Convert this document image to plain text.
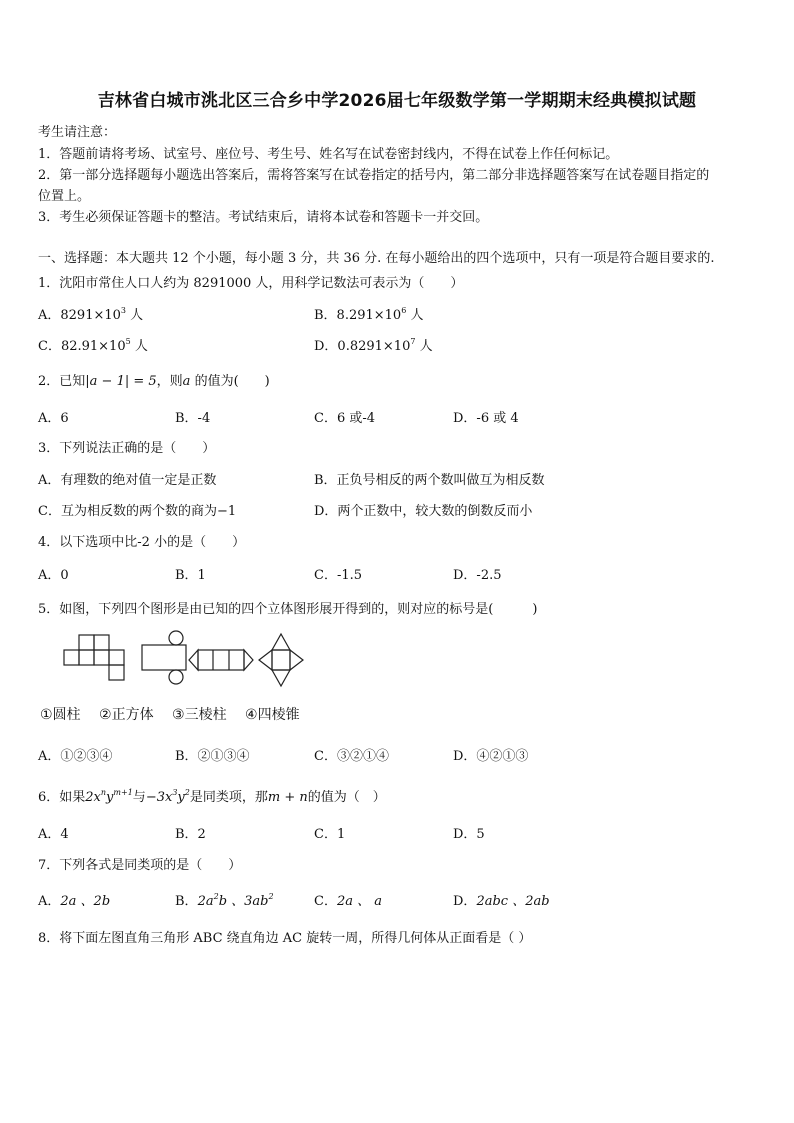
吉林省白城市洮北区三合乡中学2026届七年级数学第一学期期末经典模拟试题
考生请注意：
1．答题前请将考场、试室号、座位号、考生号、姓名写在试卷密封线内，不得在试卷上作任何标记。
2．第一部分选择题每小题选出答案后，需将答案写在试卷指定的括号内，第二部分非选择题答案写在试卷题目指定的
位置上。
3．考生必须保证答题卡的整洁。考试结束后，请将本试卷和答题卡一并交回。
一、选择题：本大题共 12 个小题，每小题 3 分，共 36 分. 在每小题给出的四个选项中，只有一项是符合题目要求的.
1．沈阳市常住人口人约为 8291000 人，用科学记数法可表示为（　　）
A．$8291\times 10^3$ 人	B．$8.291\times 10^6$ 人
C．$82.91\times 10^5$ 人	D．$0.8291\times 10^7$ 人
2．已知|a − 1| = 5，则a 的值为(　　)
A．6	B．-4	C．6 或-4	D．-6 或 4
3．下列说法正确的是（　　）
A．有理数的绝对值一定是正数	B．正负号相反的两个数叫做互为相反数
C．互为相反数的两个数的商为−1	D．两个正数中，较大数的倒数反而小
4．以下选项中比-2 小的是（　　）
A．0	B．1	C．-1.5	D．-2.5
5．如图，下列四个图形是由已知的四个立体图形展开得到的，则对应的标号是(　　　)
①圆柱 ②正方体 ③三棱柱 ④四棱锥
A．①②③④	B．②①③④	C．③②①④	D．④②①③
6．如果$2x^ny^{m+1}$与$-3x^3y^2$是同类项，那m + n的值为（　）
A．4	B．2	C．1	D．5
7．下列各式是同类项的是（　　）
A．2a 、2b	B．$2a^2b$ 、$3ab^2$	C．2a 、 a	D．2abc 、2ab
8．将下面左图直角三角形 ABC 绕直角边 AC 旋转一周，所得几何体从正面看是（ ）
